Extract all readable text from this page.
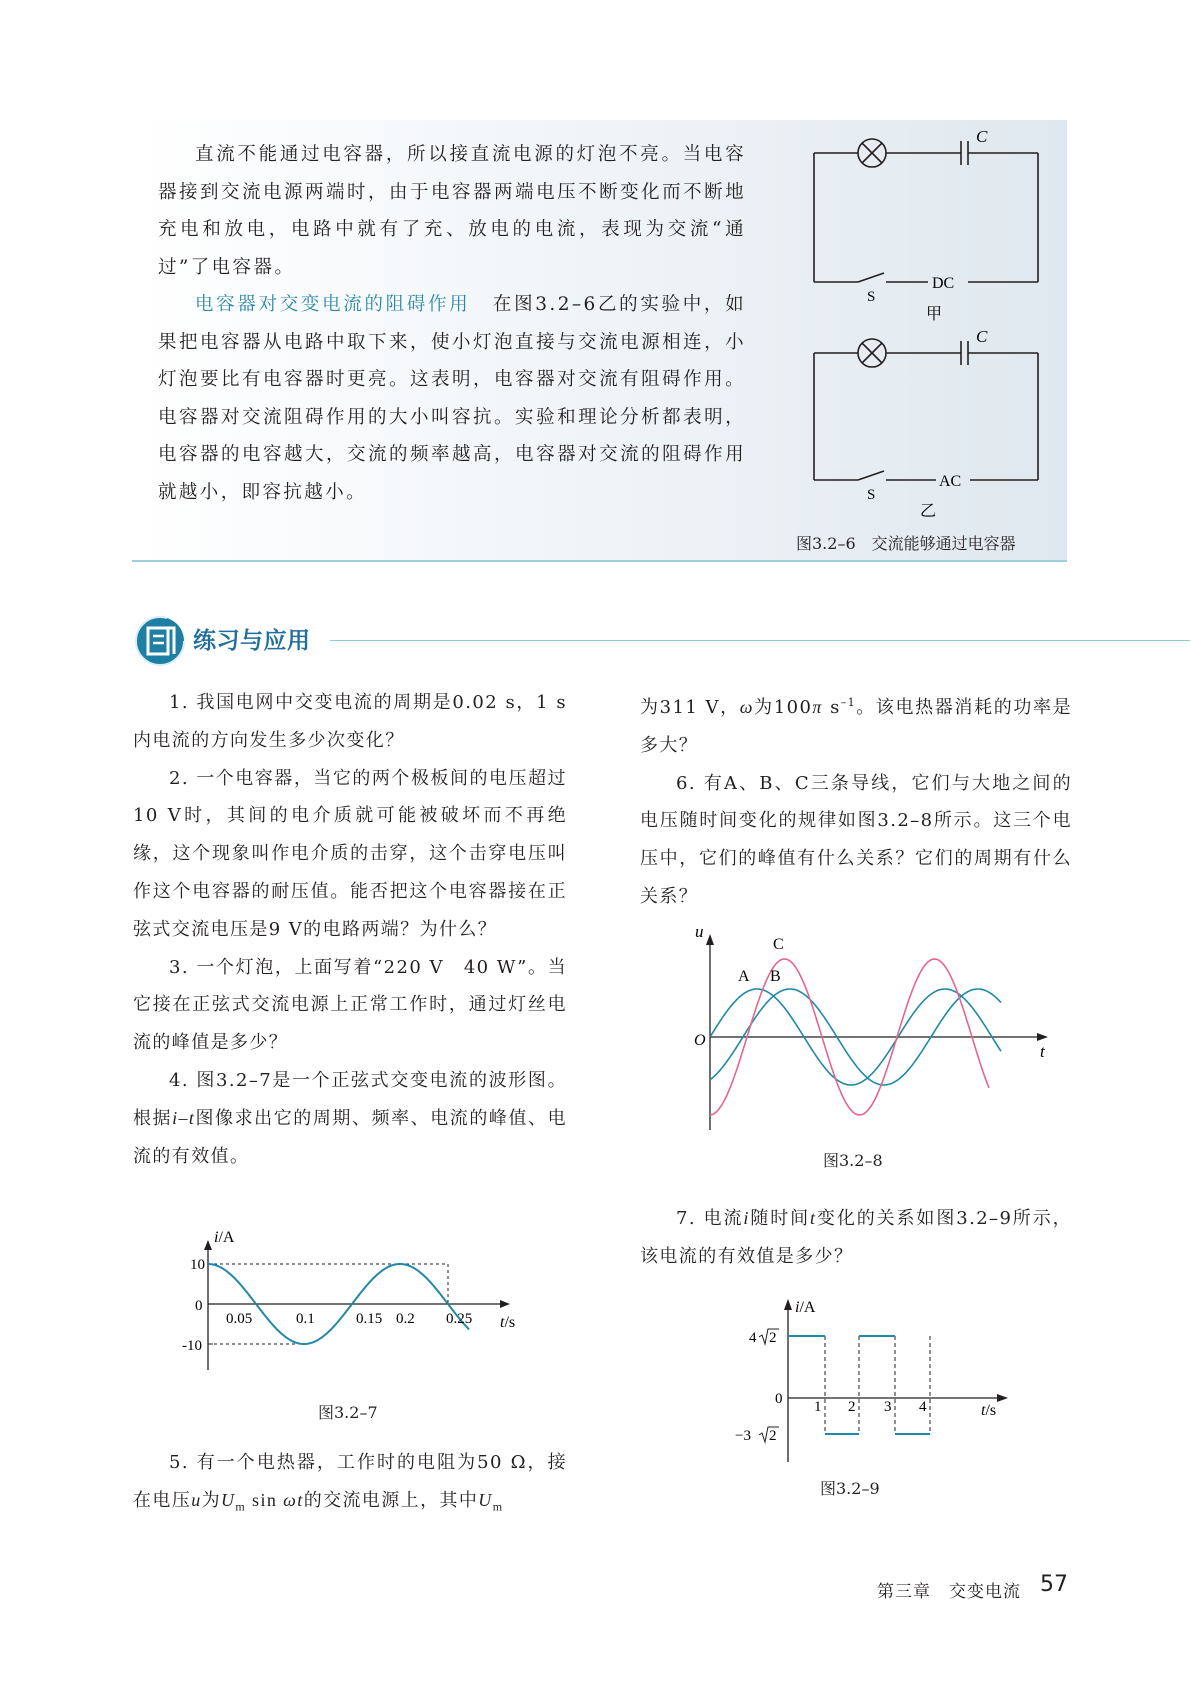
直流不能通过电容器，所以接直流电源的灯泡不亮。当电容器接到交流电源两端时，由于电容器两端电压不断变化而不断地充电和放电，电路中就有了充、放电的电流，表现为交流“通过”了电容器。

电容器对交变电流的阻碍作用 在图3.2–6乙的实验中，如果把电容器从电路中取下来，使小灯泡直接与交流电源相连，小灯泡要比有电容器时更亮。这表明，电容器对交流有阻碍作用。电容器对交流阻碍作用的大小叫容抗。实验和理论分析都表明，电容器的电容越大，交流的频率越高，电容器对交流的阻碍作用就越小，即容抗越小。

C
S
DC
甲
C
S
AC
乙
图3.2–6　交流能够通过电容器
练习与应用

1. 我国电网中交变电流的周期是0.02 s，1 s内电流的方向发生多少次变化？

2. 一个电容器，当它的两个极板间的电压超过10 V时，其间的电介质就可能被破坏而不再绝缘，这个现象叫作电介质的击穿，这个击穿电压叫作这个电容器的耐压值。能否把这个电容器接在正弦式交流电压是9 V的电路两端？为什么？

3. 一个灯泡，上面写着“220 V　40 W”。当它接在正弦式交流电源上正常工作时，通过灯丝电流的峰值是多少？

4. 图3.2–7是一个正弦式交变电流的波形图。根据i–t图像求出它的周期、频率、电流的峰值、电流的有效值。

i/A
10
0
-10
0.05	0.1	0.15 0.2 0.25 t/s
图3.2–7

5. 有一个电热器，工作时的电阻为50 Ω，接在电压u为$U_m$ sin ωt的交流电源上，其中$U_m$

为311 V，ω为100π $s^{-1}$。该电热器消耗的功率是多大？

6. 有A、B、C三条导线，它们与大地之间的电压随时间变化的规律如图3.2–8所示。这三个电压中，它们的峰值有什么关系？它们的周期有什么关系？

u
t
O
A B
C
图3.2–8

7. 电流i随时间t变化的关系如图3.2–9所示，该电流的有效值是多少？

i/A
4 2
0
−3 2
1 2 3 4	t/s
图3.2–9
第三章　交变电流 57
